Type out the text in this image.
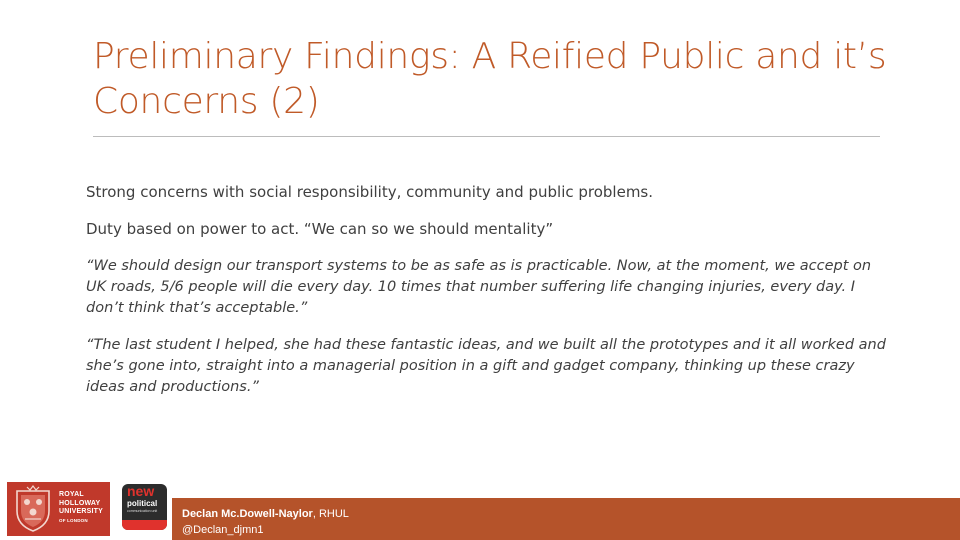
Preliminary Findings: A Reified Public and it’s Concerns (2)

Strong concerns with social responsibility, community and public problems.

Duty based on power to act. “We can so we should mentality”

“We should design our transport systems to be as safe as is practicable. Now, at the moment, we accept on UK roads, 5/6 people will die every day. 10 times that number suffering life changing injuries, every day. I don’t think that’s acceptable.”

“The last student I helped, she had these fantastic ideas, and we built all the prototypes and it all worked and she’s gone into, straight into a managerial position in a gift and gadget company, thinking up these crazy ideas and productions.”

ROYAL
HOLLOWAY
UNIVERSITY
OF LONDON
new
political
communication unit Declan Mc.Dowell-Naylor, RHUL
@Declan_djmn1
